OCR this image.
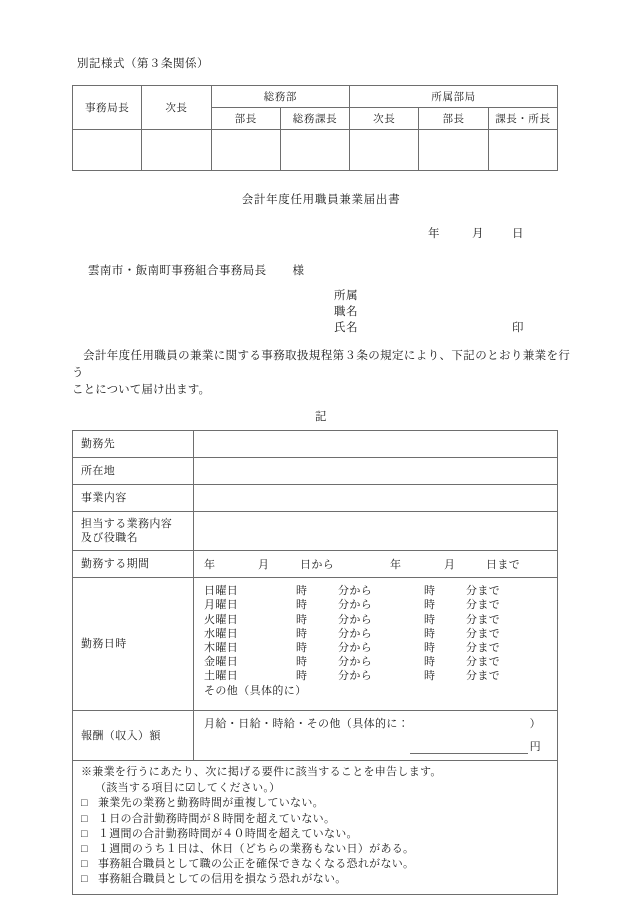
別記様式（第３条関係）
事務局長	次長	総務部		所属部局		
		部長	総務課長	次長	部長	課長・所長

会計年度任用職員兼業届出書
年	月 日
雲南市・飯南町事務組合事務局長 様
所属
職名
氏名	印
会計年度任用職員の兼業に関する事務取扱規程第３条の規定により、下記のとおり兼業を行う
ことについて届け出ます。
記
勤務先	
所在地	
事業内容	
担当する業務内容
及び役職名	
勤務する期間	年 月 日から 年 月 日まで
勤務日時	
日曜日	時	分から	時	分まで
月曜日	時	分から	時	分まで
火曜日	時	分から	時	分まで
水曜日	時	分から	時	分まで
木曜日	時	分から	時	分まで
金曜日	時	分から	時	分まで
土曜日	時	分から	時	分まで
その他（具体的に）

報酬（収入）額	月給・日給・時給・その他（具体的に： ）
円
※兼業を行うにあたり、次に掲げる要件に該当することを申告します。
（該当する項目に☑してください。）
□ 兼業先の業務と勤務時間が重複していない。
□ １日の合計勤務時間が８時間を超えていない。
□ １週間の合計勤務時間が４０時間を超えていない。
□ １週間のうち１日は、休日（どちらの業務もない日）がある。
□ 事務組合職員として職の公正を確保できなくなる恐れがない。
□ 事務組合職員としての信用を損なう恐れがない。
